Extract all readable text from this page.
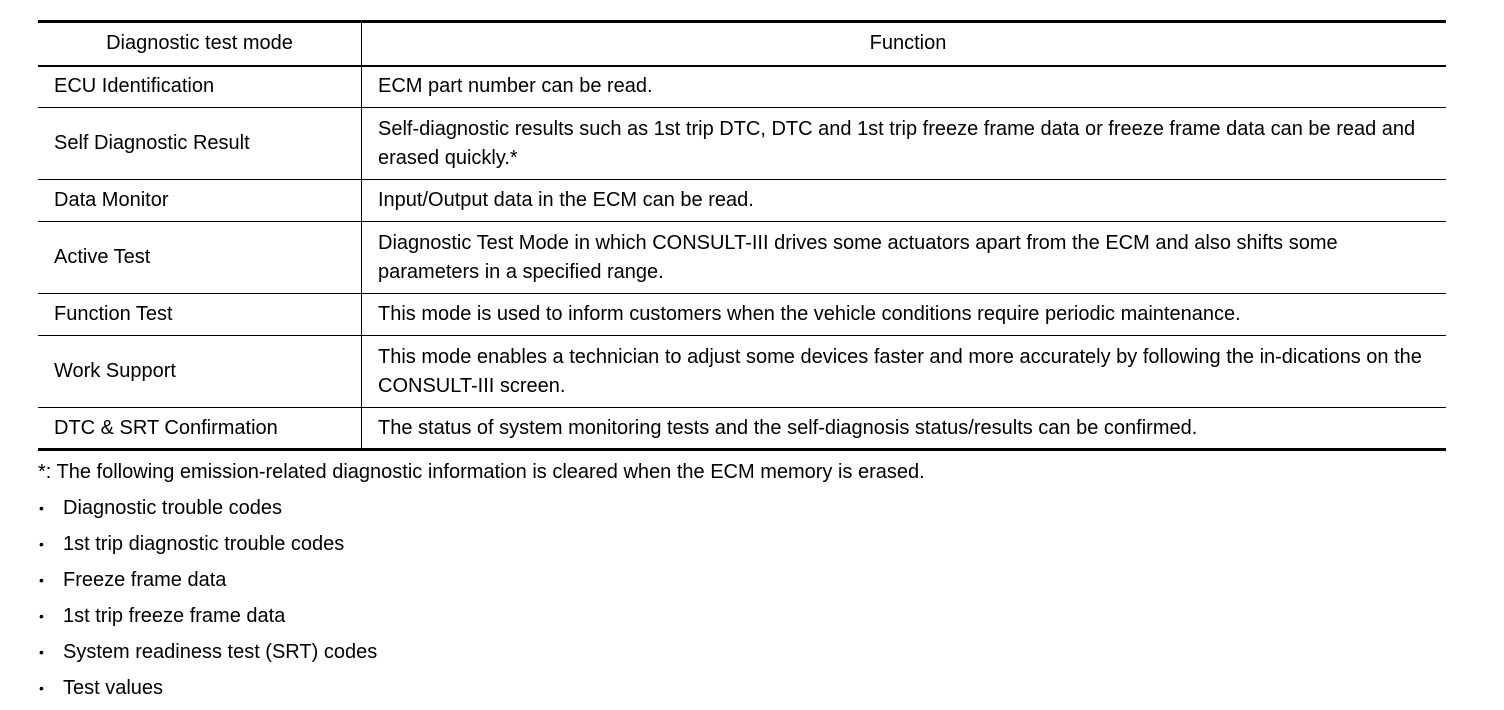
Diagnostic test mode	Function
ECU Identification	ECM part number can be read.
Self Diagnostic Result	Self-diagnostic results such as 1st trip DTC, DTC and 1st trip freeze frame data or freeze frame data can be read and erased quickly.*

Data Monitor	Input/Output data in the ECM can be read.
Active Test	Diagnostic Test Mode in which CONSULT-III drives some actuators apart from the ECM and also shifts some parameters in a specified range.

Function Test	This mode is used to inform customers when the vehicle conditions require periodic maintenance.
Work Support	This mode enables a technician to adjust some devices faster and more accurately by following the in-dications on the CONSULT-III screen.

DTC & SRT Confirmation	The status of system monitoring tests and the self-diagnosis status/results can be confirmed.

*: The following emission-related diagnostic information is cleared when the ECM memory is erased.

• Diagnostic trouble codes
• 1st trip diagnostic trouble codes
• Freeze frame data
• 1st trip freeze frame data
• System readiness test (SRT) codes
• Test values
